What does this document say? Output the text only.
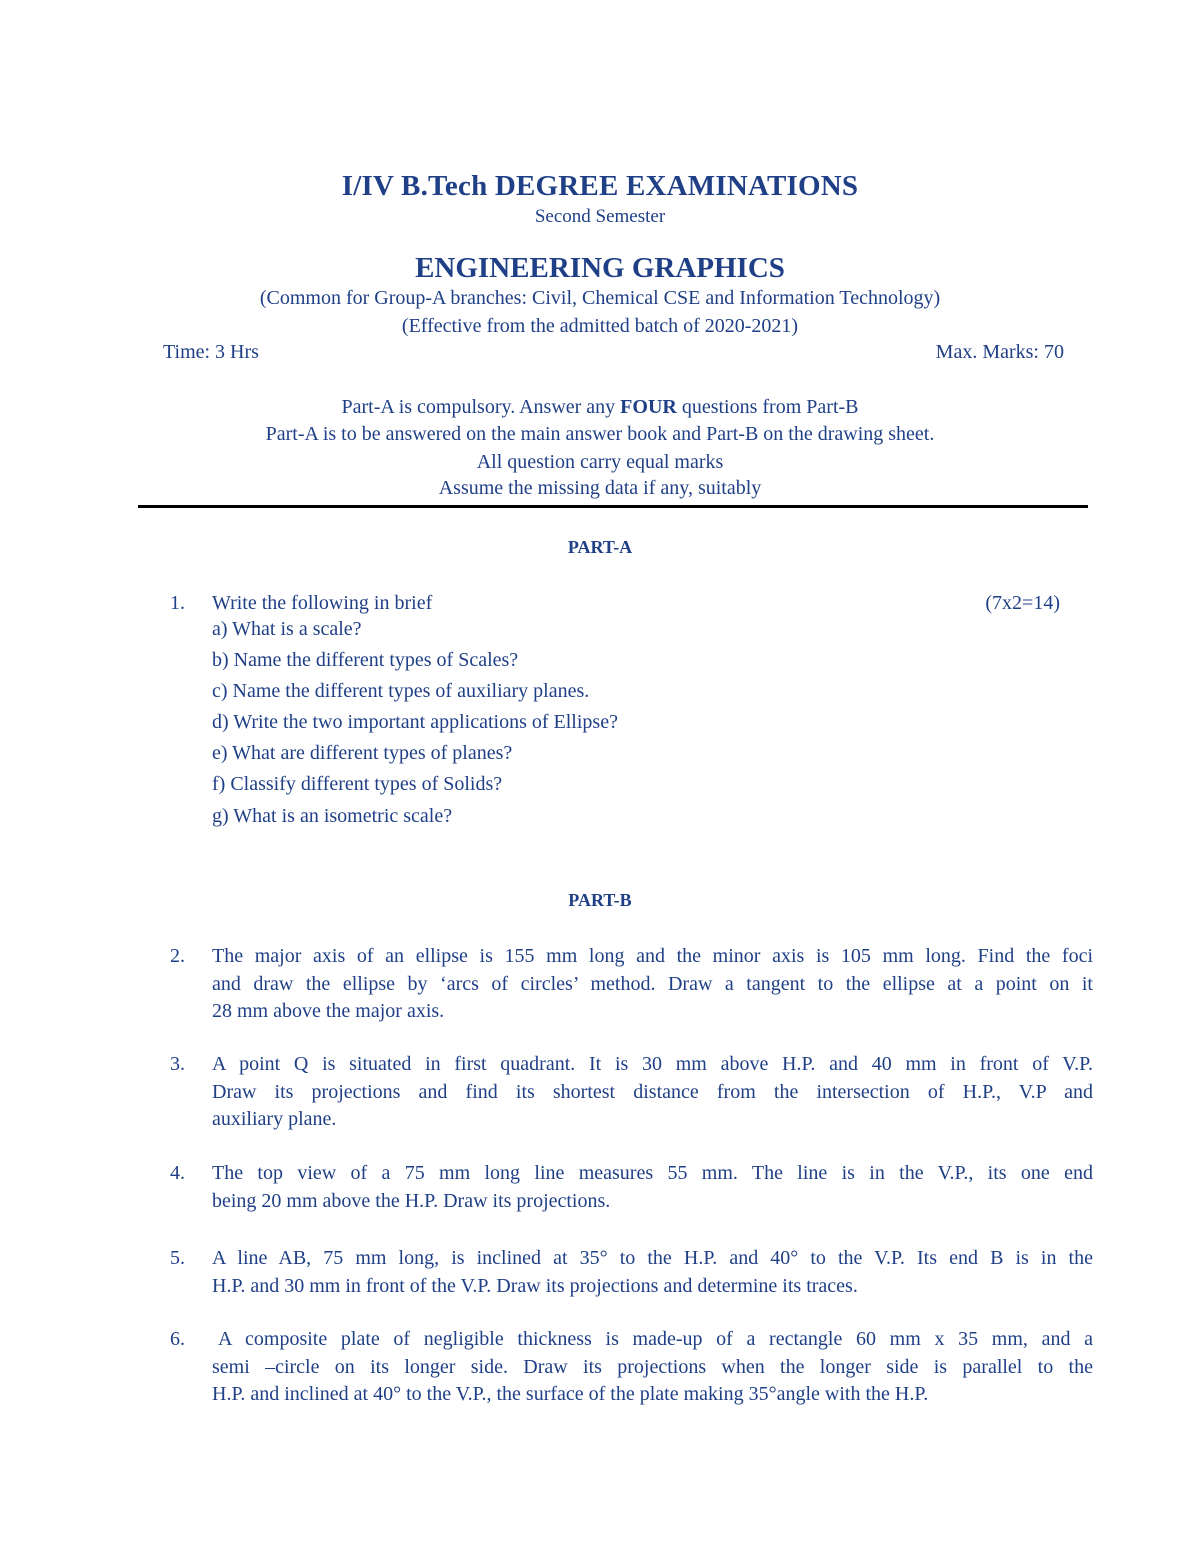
I/IV B.Tech DEGREE EXAMINATIONS
Second Semester
ENGINEERING GRAPHICS
(Common for Group-A branches: Civil, Chemical CSE and Information Technology)
(Effective from the admitted batch of 2020-2021)
Time: 3 Hrs	Max. Marks: 70
Part-A is compulsory. Answer any FOUR questions from Part-B
Part-A is to be answered on the main answer book and Part-B on the drawing sheet.
All question carry equal marks
Assume the missing data if any, suitably
PART-A
1. Write the following in brief	(7x2=14)
a) What is a scale?
b) Name the different types of Scales?
c) Name the different types of auxiliary planes.
d) Write the two important applications of Ellipse?
e) What are different types of planes?
f) Classify different types of Solids?
g) What is an isometric scale?
PART-B
2. The major axis of an ellipse is 155 mm long and the minor axis is 105 mm long. Find the foci
and draw the ellipse by ‘arcs of circles’ method. Draw a tangent to the ellipse at a point on it
28 mm above the major axis.
3. A point Q is situated in first quadrant. It is 30 mm above H.P. and 40 mm in front of V.P.
Draw its projections and find its shortest distance from the intersection of H.P., V.P and
auxiliary plane.
4. The top view of a 75 mm long line measures 55 mm. The line is in the V.P., its one end
being 20 mm above the H.P. Draw its projections.
5. A line AB, 75 mm long, is inclined at 35° to the H.P. and 40° to the V.P. Its end B is in the
H.P. and 30 mm in front of the V.P. Draw its projections and determine its traces.
6.	A composite plate of negligible thickness is made-up of a rectangle 60 mm x 35 mm, and a
semi –circle on its longer side. Draw its projections when the longer side is parallel to the
H.P. and inclined at 40° to the V.P., the surface of the plate making 35°angle with the H.P.
